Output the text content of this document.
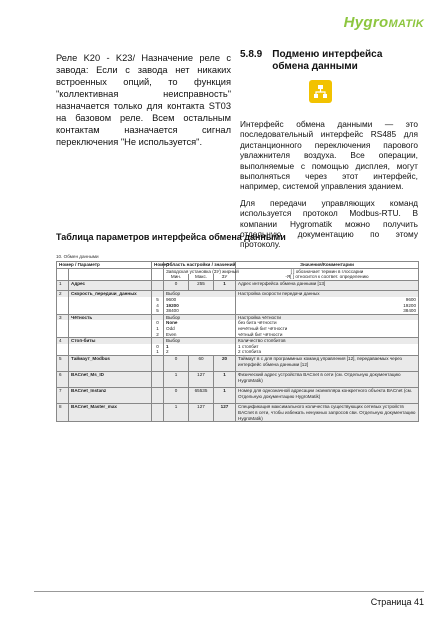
HygroMATIK
Реле K20 - K23/ Назначение реле с завода: Если с завода нет никаких встроенных опций, то функция "коллективная неисправность" назначается только для контакта ST03 на базовом реле. Всем остальным контактам назначается сигнал переключения "Не используется".
5.8.9 Подменю интерфейса обмена данными

Интерфейс обмена данными — это последовательный интерфейс RS485 для дистанционного переключения парового увлажнителя воздуха. Все операции, выполняемые с помощью дисплея, могут выполняться через этот интерфейс, например, системой управления зданием.

Для передачи управляющих команд используется протокол Modbus-RTU. В компании Hygromatik можно получить отдельную документацию по этому протоколу.

Таблица параметров интерфейса обмена данными
10. Обмен данными
Номер / Параметр		Номер	Область настройки / значений			Значения/Комментарии
			Заводская установка (ЗУ) жирный			[ ] обозначает термин в глоссарии
			Мин.	Макс.	ЗУ	-Я[ ] относится к соответ. определению
1	Адрес		0	255	1	Адрес интерфейса обмена данными [13]

2	Скорость_передачи_данных		Выбор			Настройка скорости передачи данных
		5	9600			9600
		4	19200			19200
		5	38400			38400
3	Чётность		Выбор			Настройка чётности
		0	None			без бита чётности
		1	Odd			нечётный бит чётности
		2	Even			чётный бит чётности
4	Стоп-биты		Выбор			Количество стопбитов
		0	1			1 стопбит
		1	2			2 стопбита
5	Таймаут_Modbus		0	60	20	Таймаут в с для программных команд управления [12], передаваемых через интерфейс обмена данными [12]

6	BACnet_Ms_ID		1	127	1	Физический адрес устройства BACnet в сети (см. Отдельную документацию HygroMatik)

7	BACnet_Instanz		0	65535	1	Номер для однозначной адресации экземпляра конкретного объекта BACnet (см. Отдельную документацию HygroMatik)

8	BACnet_Master_max		1	127	127	Спецификация максимального количества существующих сетевых устройств BACnet в сети, чтобы избежать ненужных запросов сви. Отдельную документацию HygroMatik)
Страница 41
